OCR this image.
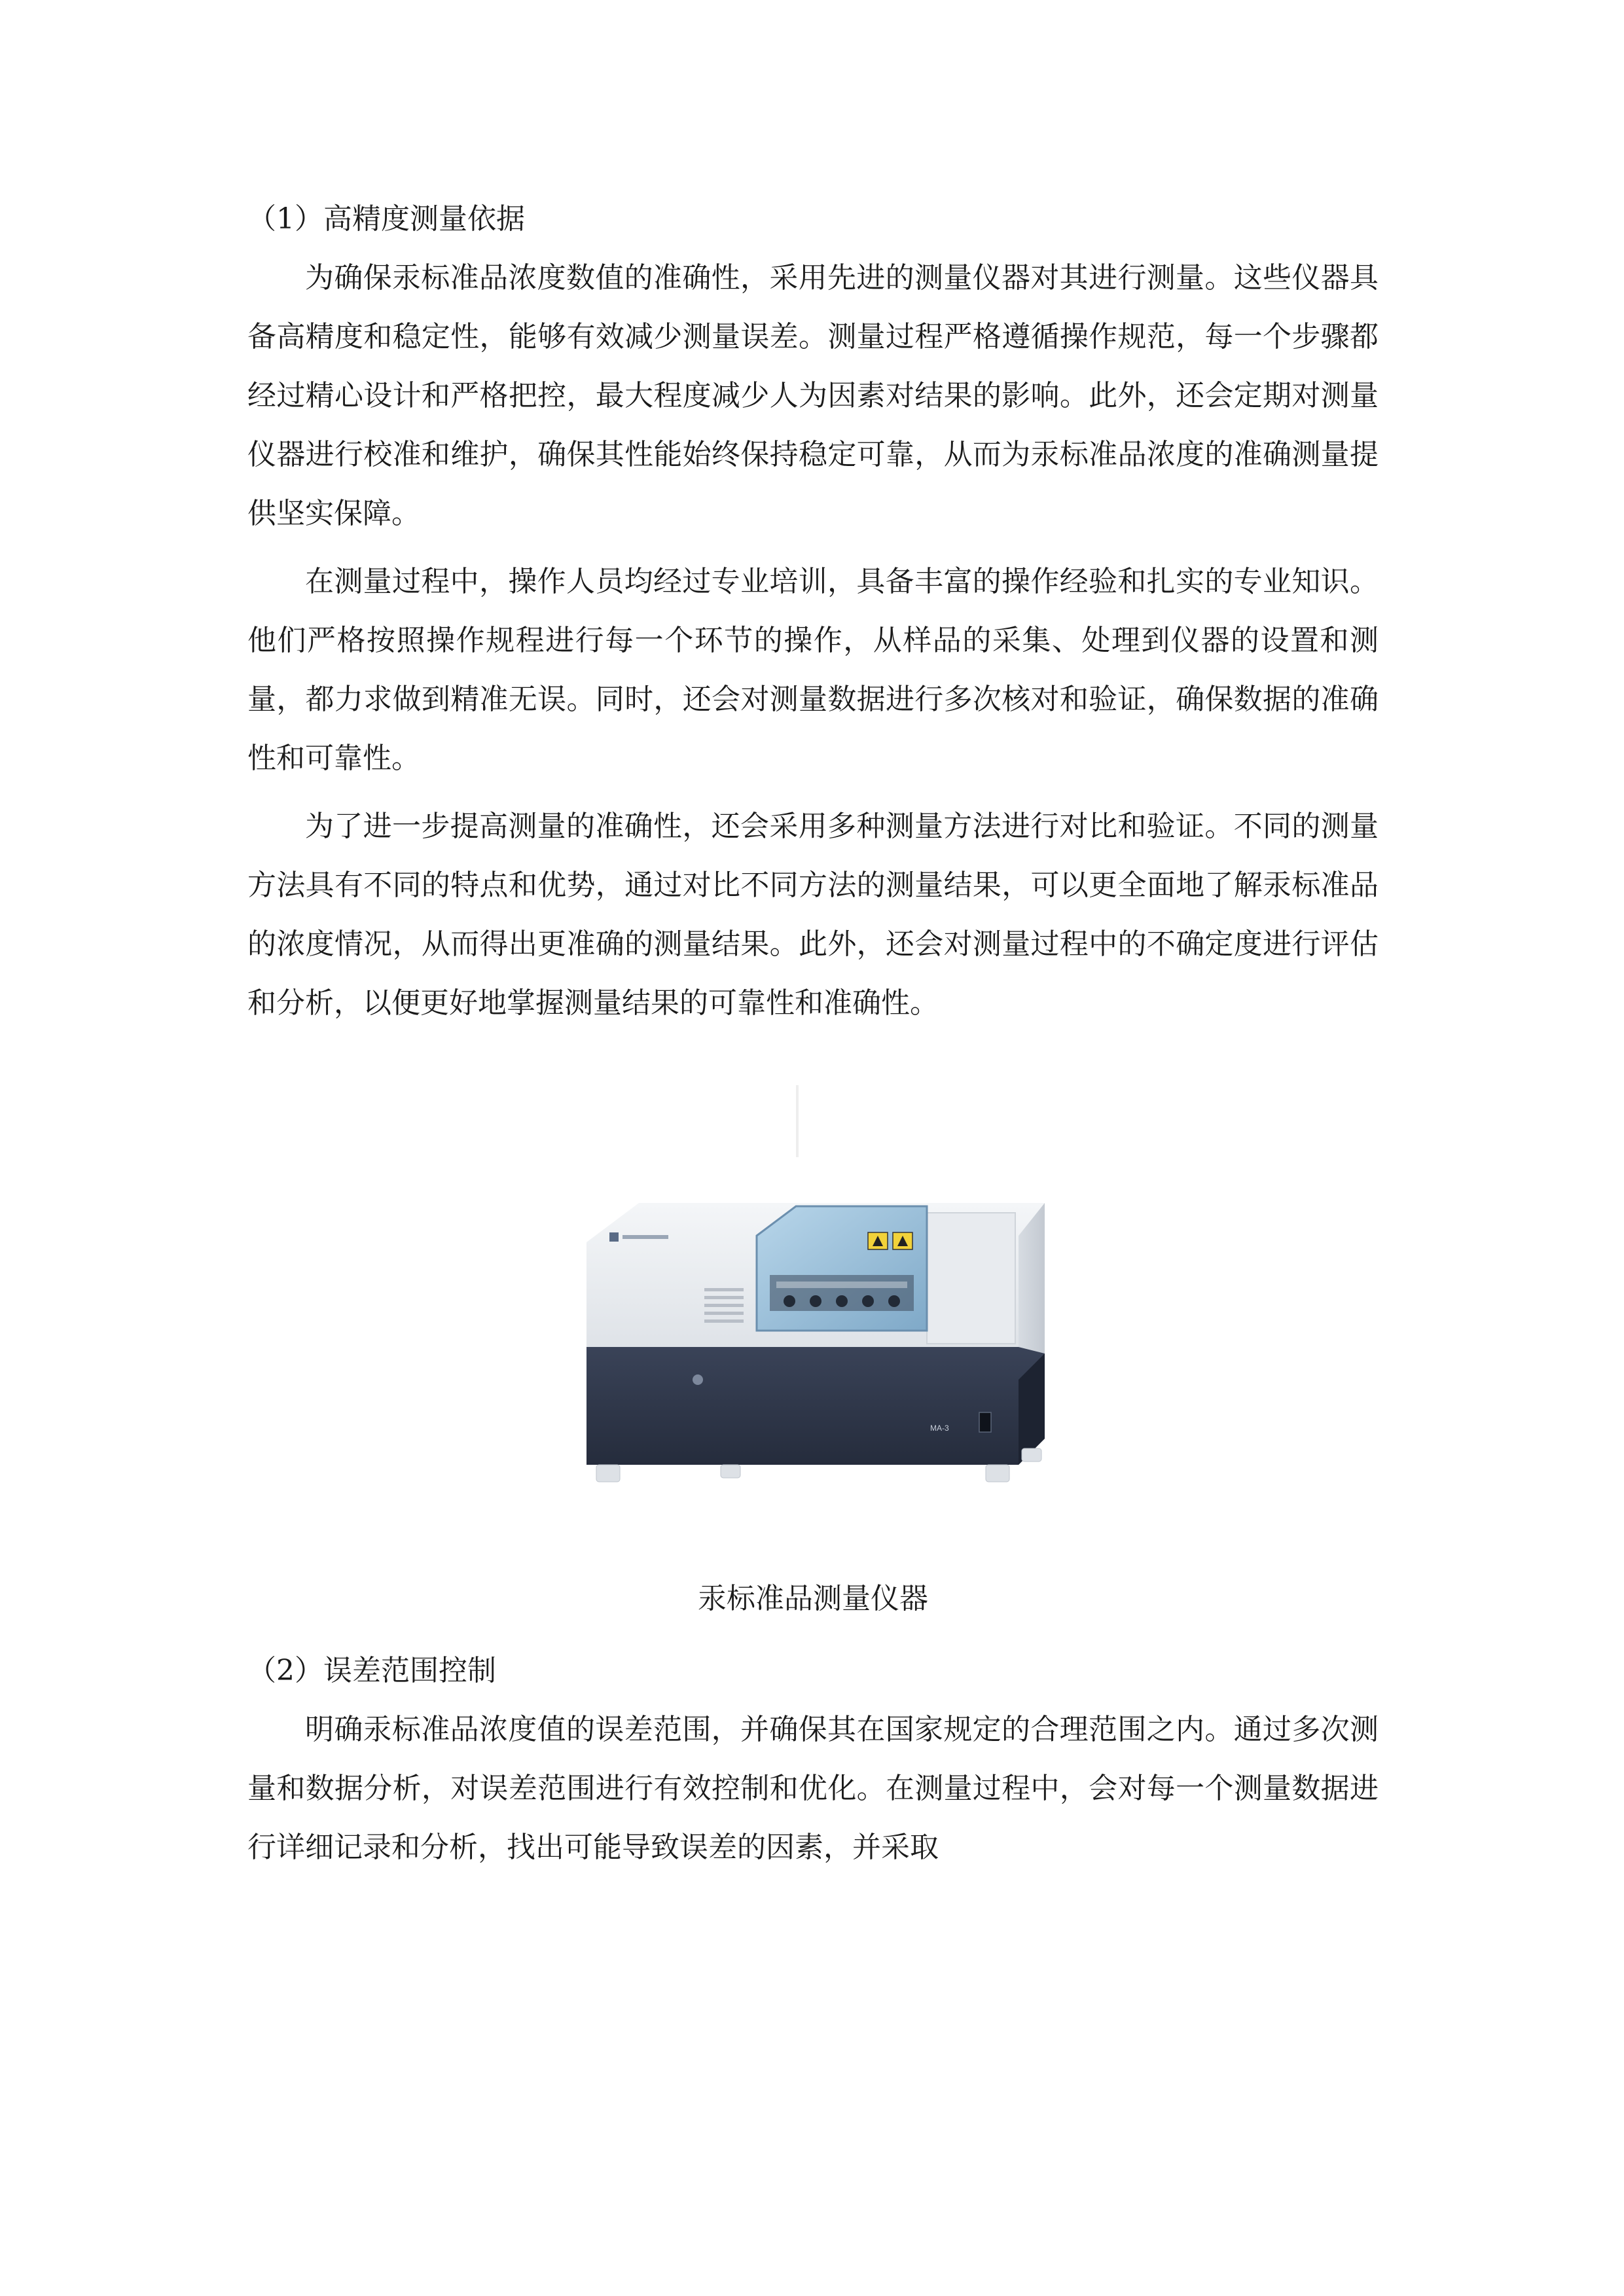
（1）高精度测量依据

为确保汞标准品浓度数值的准确性，采用先进的测量仪器对其进行测量。这些仪器具备高精度和稳定性，能够有效减少测量误差。测量过程严格遵循操作规范，每一个步骤都经过精心设计和严格把控，最大程度减少人为因素对结果的影响。此外，还会定期对测量仪器进行校准和维护，确保其性能始终保持稳定可靠，从而为汞标准品浓度的准确测量提供坚实保障。

在测量过程中，操作人员均经过专业培训，具备丰富的操作经验和扎实的专业知识。他们严格按照操作规程进行每一个环节的操作，从样品的采集、处理到仪器的设置和测量，都力求做到精准无误。同时，还会对测量数据进行多次核对和验证，确保数据的准确性和可靠性。

为了进一步提高测量的准确性，还会采用多种测量方法进行对比和验证。不同的测量方法具有不同的特点和优势，通过对比不同方法的测量结果，可以更全面地了解汞标准品的浓度情况，从而得出更准确的测量结果。此外，还会对测量过程中的不确定度进行评估和分析，以便更好地掌握测量结果的可靠性和准确性。

MA-3

汞标准品测量仪器

（2）误差范围控制

明确汞标准品浓度值的误差范围，并确保其在国家规定的合理范围之内。通过多次测量和数据分析，对误差范围进行有效控制和优化。在测量过程中，会对每一个测量数据进行详细记录和分析，找出可能导致误差的因素，并采取
